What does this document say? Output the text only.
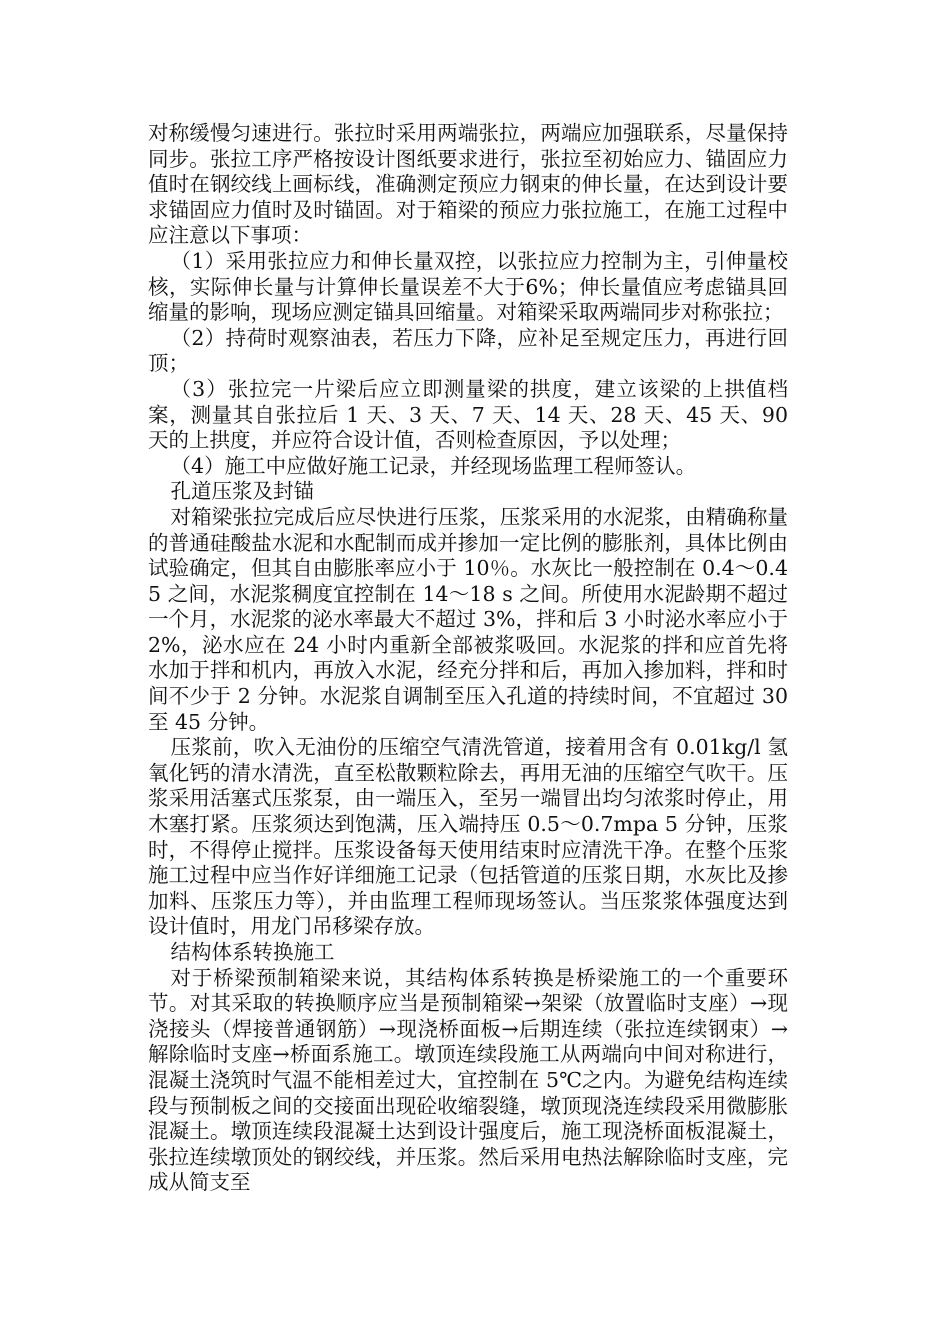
对称缓慢匀速进行。张拉时采用两端张拉，两端应加强联系，尽量保持同步。张拉工序严格按设计图纸要求进行，张拉至初始应力、锚固应力值时在钢绞线上画标线，准确测定预应力钢束的伸长量，在达到设计要求锚固应力值时及时锚固。对于箱梁的预应力张拉施工，在施工过程中应注意以下事项：

（1）采用张拉应力和伸长量双控，以张拉应力控制为主，引伸量校核，实际伸长量与计算伸长量误差不大于6%；伸长量值应考虑锚具回缩量的影响，现场应测定锚具回缩量。对箱梁采取两端同步对称张拉；

（2）持荷时观察油表，若压力下降，应补足至规定压力，再进行回顶；

（3）张拉完一片梁后应立即测量梁的拱度，建立该梁的上拱值档案，测量其自张拉后 1 天、3 天、7 天、14 天、28 天、45 天、90 天的上拱度，并应符合设计值，否则检查原因，予以处理；

（4）施工中应做好施工记录，并经现场监理工程师签认。

孔道压浆及封锚

对箱梁张拉完成后应尽快进行压浆，压浆采用的水泥浆，由精确称量的普通硅酸盐水泥和水配制而成并掺加一定比例的膨胀剂，具体比例由试验确定，但其自由膨胀率应小于 10％。水灰比一般控制在 0.4～0.45 之间，水泥浆稠度宜控制在 14～18 s 之间。所使用水泥龄期不超过一个月，水泥浆的泌水率最大不超过 3%，拌和后 3 小时泌水率应小于 2%，泌水应在 24 小时内重新全部被浆吸回。水泥浆的拌和应首先将水加于拌和机内，再放入水泥，经充分拌和后，再加入掺加料，拌和时间不少于 2 分钟。水泥浆自调制至压入孔道的持续时间，不宜超过 30 至 45 分钟。

压浆前，吹入无油份的压缩空气清洗管道，接着用含有 0.01kg/l 氢氧化钙的清水清洗，直至松散颗粒除去，再用无油的压缩空气吹干。压浆采用活塞式压浆泵，由一端压入，至另一端冒出均匀浓浆时停止，用木塞打紧。压浆须达到饱满，压入端持压 0.5～0.7mpa 5 分钟，压浆时，不得停止搅拌。压浆设备每天使用结束时应清洗干净。在整个压浆施工过程中应当作好详细施工记录（包括管道的压浆日期，水灰比及掺加料、压浆压力等），并由监理工程师现场签认。当压浆浆体强度达到设计值时，用龙门吊移梁存放。

结构体系转换施工

对于桥梁预制箱梁来说，其结构体系转换是桥梁施工的一个重要环节。对其采取的转换顺序应当是预制箱梁→架梁（放置临时支座）→现浇接头（焊接普通钢筋）→现浇桥面板→后期连续（张拉连续钢束）→解除临时支座→桥面系施工。墩顶连续段施工从两端向中间对称进行，混凝土浇筑时气温不能相差过大，宜控制在 5℃之内。为避免结构连续段与预制板之间的交接面出现砼收缩裂缝，墩顶现浇连续段采用微膨胀混凝土。墩顶连续段混凝土达到设计强度后，施工现浇桥面板混凝土，张拉连续墩顶处的钢绞线，并压浆。然后采用电热法解除临时支座，完成从简支至
